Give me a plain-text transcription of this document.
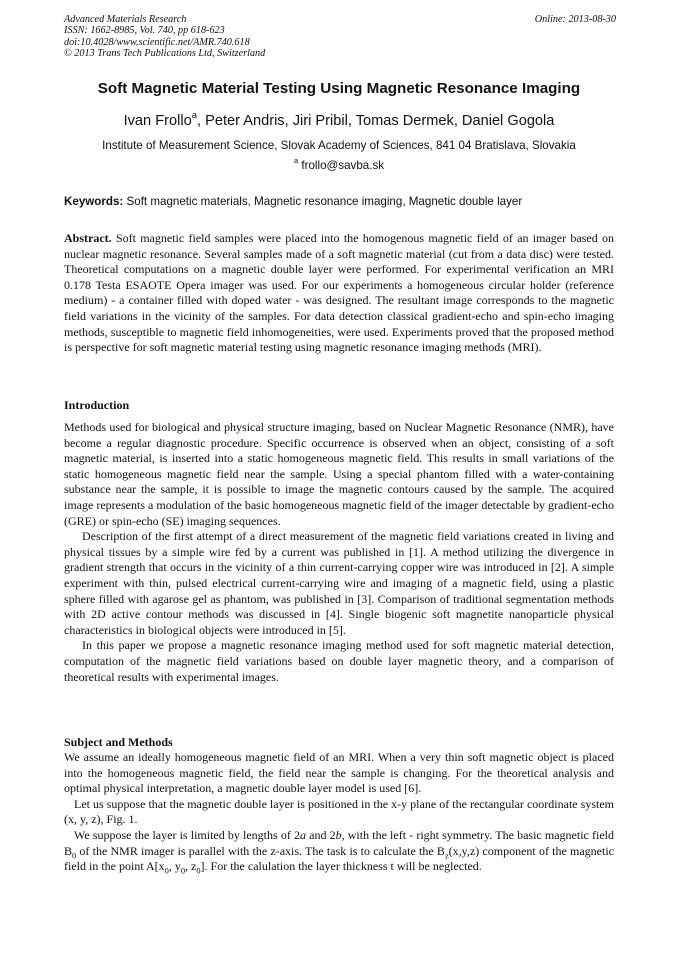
Advanced Materials Research
ISSN: 1662-8985, Vol. 740, pp 618-623
doi:10.4028/www.scientific.net/AMR.740.618
© 2013 Trans Tech Publications Ltd, Switzerland
Online: 2013-08-30
Soft Magnetic Material Testing Using Magnetic Resonance Imaging
Ivan Frollo$^a$, Peter Andris, Jiri Pribil, Tomas Dermek, Daniel Gogola
Institute of Measurement Science, Slovak Academy of Sciences, 841 04 Bratislava, Slovakia
$^a$ frollo@savba.sk
Keywords: Soft magnetic materials, Magnetic resonance imaging, Magnetic double layer
Abstract. Soft magnetic field samples were placed into the homogenous magnetic field of an imager based on nuclear magnetic resonance. Several samples made of a soft magnetic material (cut from a data disc) were tested. Theoretical computations on a magnetic double layer were performed. For experimental verification an MRI 0.178 Testa ESAOTE Opera imager was used. For our experiments a homogeneous circular holder (reference medium) - a container filled with doped water - was designed. The resultant image corresponds to the magnetic field variations in the vicinity of the samples. For data detection classical gradient-echo and spin-echo imaging methods, susceptible to magnetic field inhomogeneities, were used. Experiments proved that the proposed method is perspective for soft magnetic material testing using magnetic resonance imaging methods (MRI).
Introduction

Methods used for biological and physical structure imaging, based on Nuclear Magnetic Resonance (NMR), have become a regular diagnostic procedure. Specific occurrence is observed when an object, consisting of a soft magnetic material, is inserted into a static homogeneous magnetic field. This results in small variations of the static homogeneous magnetic field near the sample. Using a special phantom filled with a water-containing substance near the sample, it is possible to image the magnetic contours caused by the sample. The acquired image represents a modulation of the basic homogeneous magnetic field of the imager detectable by gradient-echo (GRE) or spin-echo (SE) imaging sequences.

Description of the first attempt of a direct measurement of the magnetic field variations created in living and physical tissues by a simple wire fed by a current was published in [1]. A method utilizing the divergence in gradient strength that occurs in the vicinity of a thin current-carrying copper wire was introduced in [2]. A simple experiment with thin, pulsed electrical current-carrying wire and imaging of a magnetic field, using a plastic sphere filled with agarose gel as phantom, was published in [3]. Comparison of traditional segmentation methods with 2D active contour methods was discussed in [4]. Single biogenic soft magnetite nanoparticle physical characteristics in biological objects were introduced in [5].

In this paper we propose a magnetic resonance imaging method used for soft magnetic material detection, computation of the magnetic field variations based on double layer magnetic theory, and a comparison of theoretical results with experimental images.

Subject and Methods

We assume an ideally homogeneous magnetic field of an MRI. When a very thin soft magnetic object is placed into the homogeneous magnetic field, the field near the sample is changing. For the theoretical analysis and optimal physical interpretation, a magnetic double layer model is used [6].

Let us suppose that the magnetic double layer is positioned in the x-y plane of the rectangular coordinate system (x, y, z), Fig. 1.

We suppose the layer is limited by lengths of 2a and 2b, with the left - right symmetry. The basic magnetic field $B_0$ of the NMR imager is parallel with the z-axis. The task is to calculate the $B_z(x,y,z)$ component of the magnetic field in the point $A[x_0$, $y_0$, $z_0$]. For the calulation the layer thickness t will be neglected.
